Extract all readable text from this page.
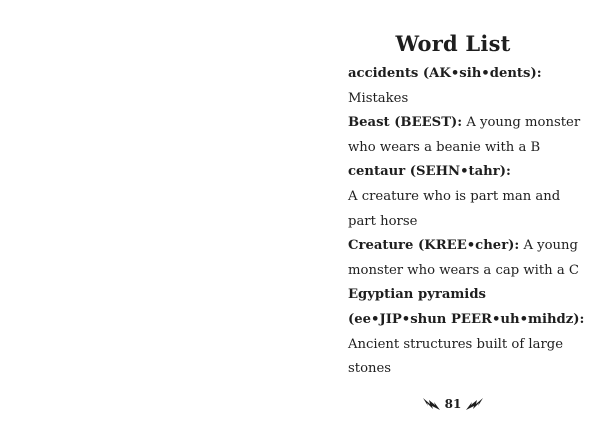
Word List
accidents (AK•sih•dents):
Mistakes
Beast (BEEST): A young monster
who wears a beanie with a B
centaur (SEHN•tahr):
A creature who is part man and
part horse
Creature (KREE•cher): A young
monster who wears a cap with a C
Egyptian pyramids
(ee•JIP•shun PEER•uh•mihdz):
Ancient structures built of large
stones
81
